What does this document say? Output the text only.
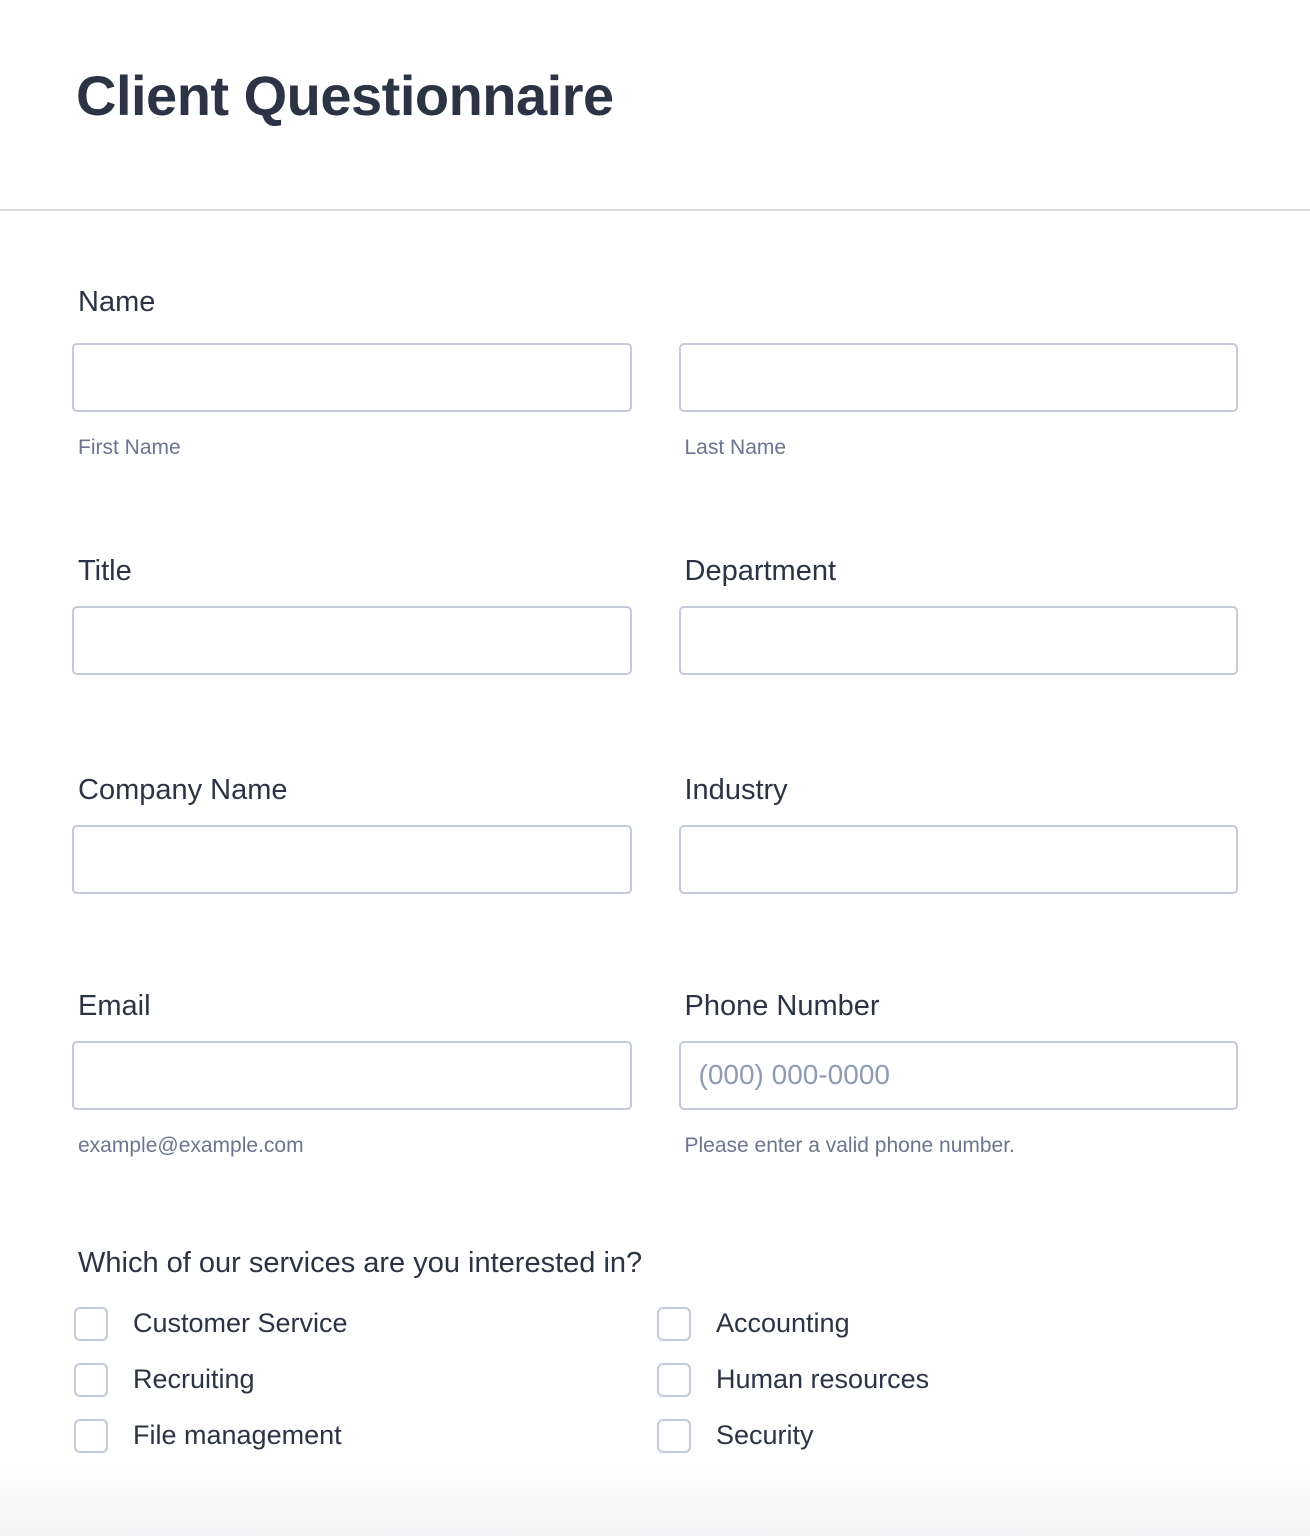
Client Questionnaire
Name
First Name	Last Name
Title	Department
Company Name	Industry
Email
example@example.com
Phone Number
(000) 000-0000
Please enter a valid phone number.
Which of our services are you interested in?
Customer Service	Accounting
Recruiting	Human resources
File management	Security
